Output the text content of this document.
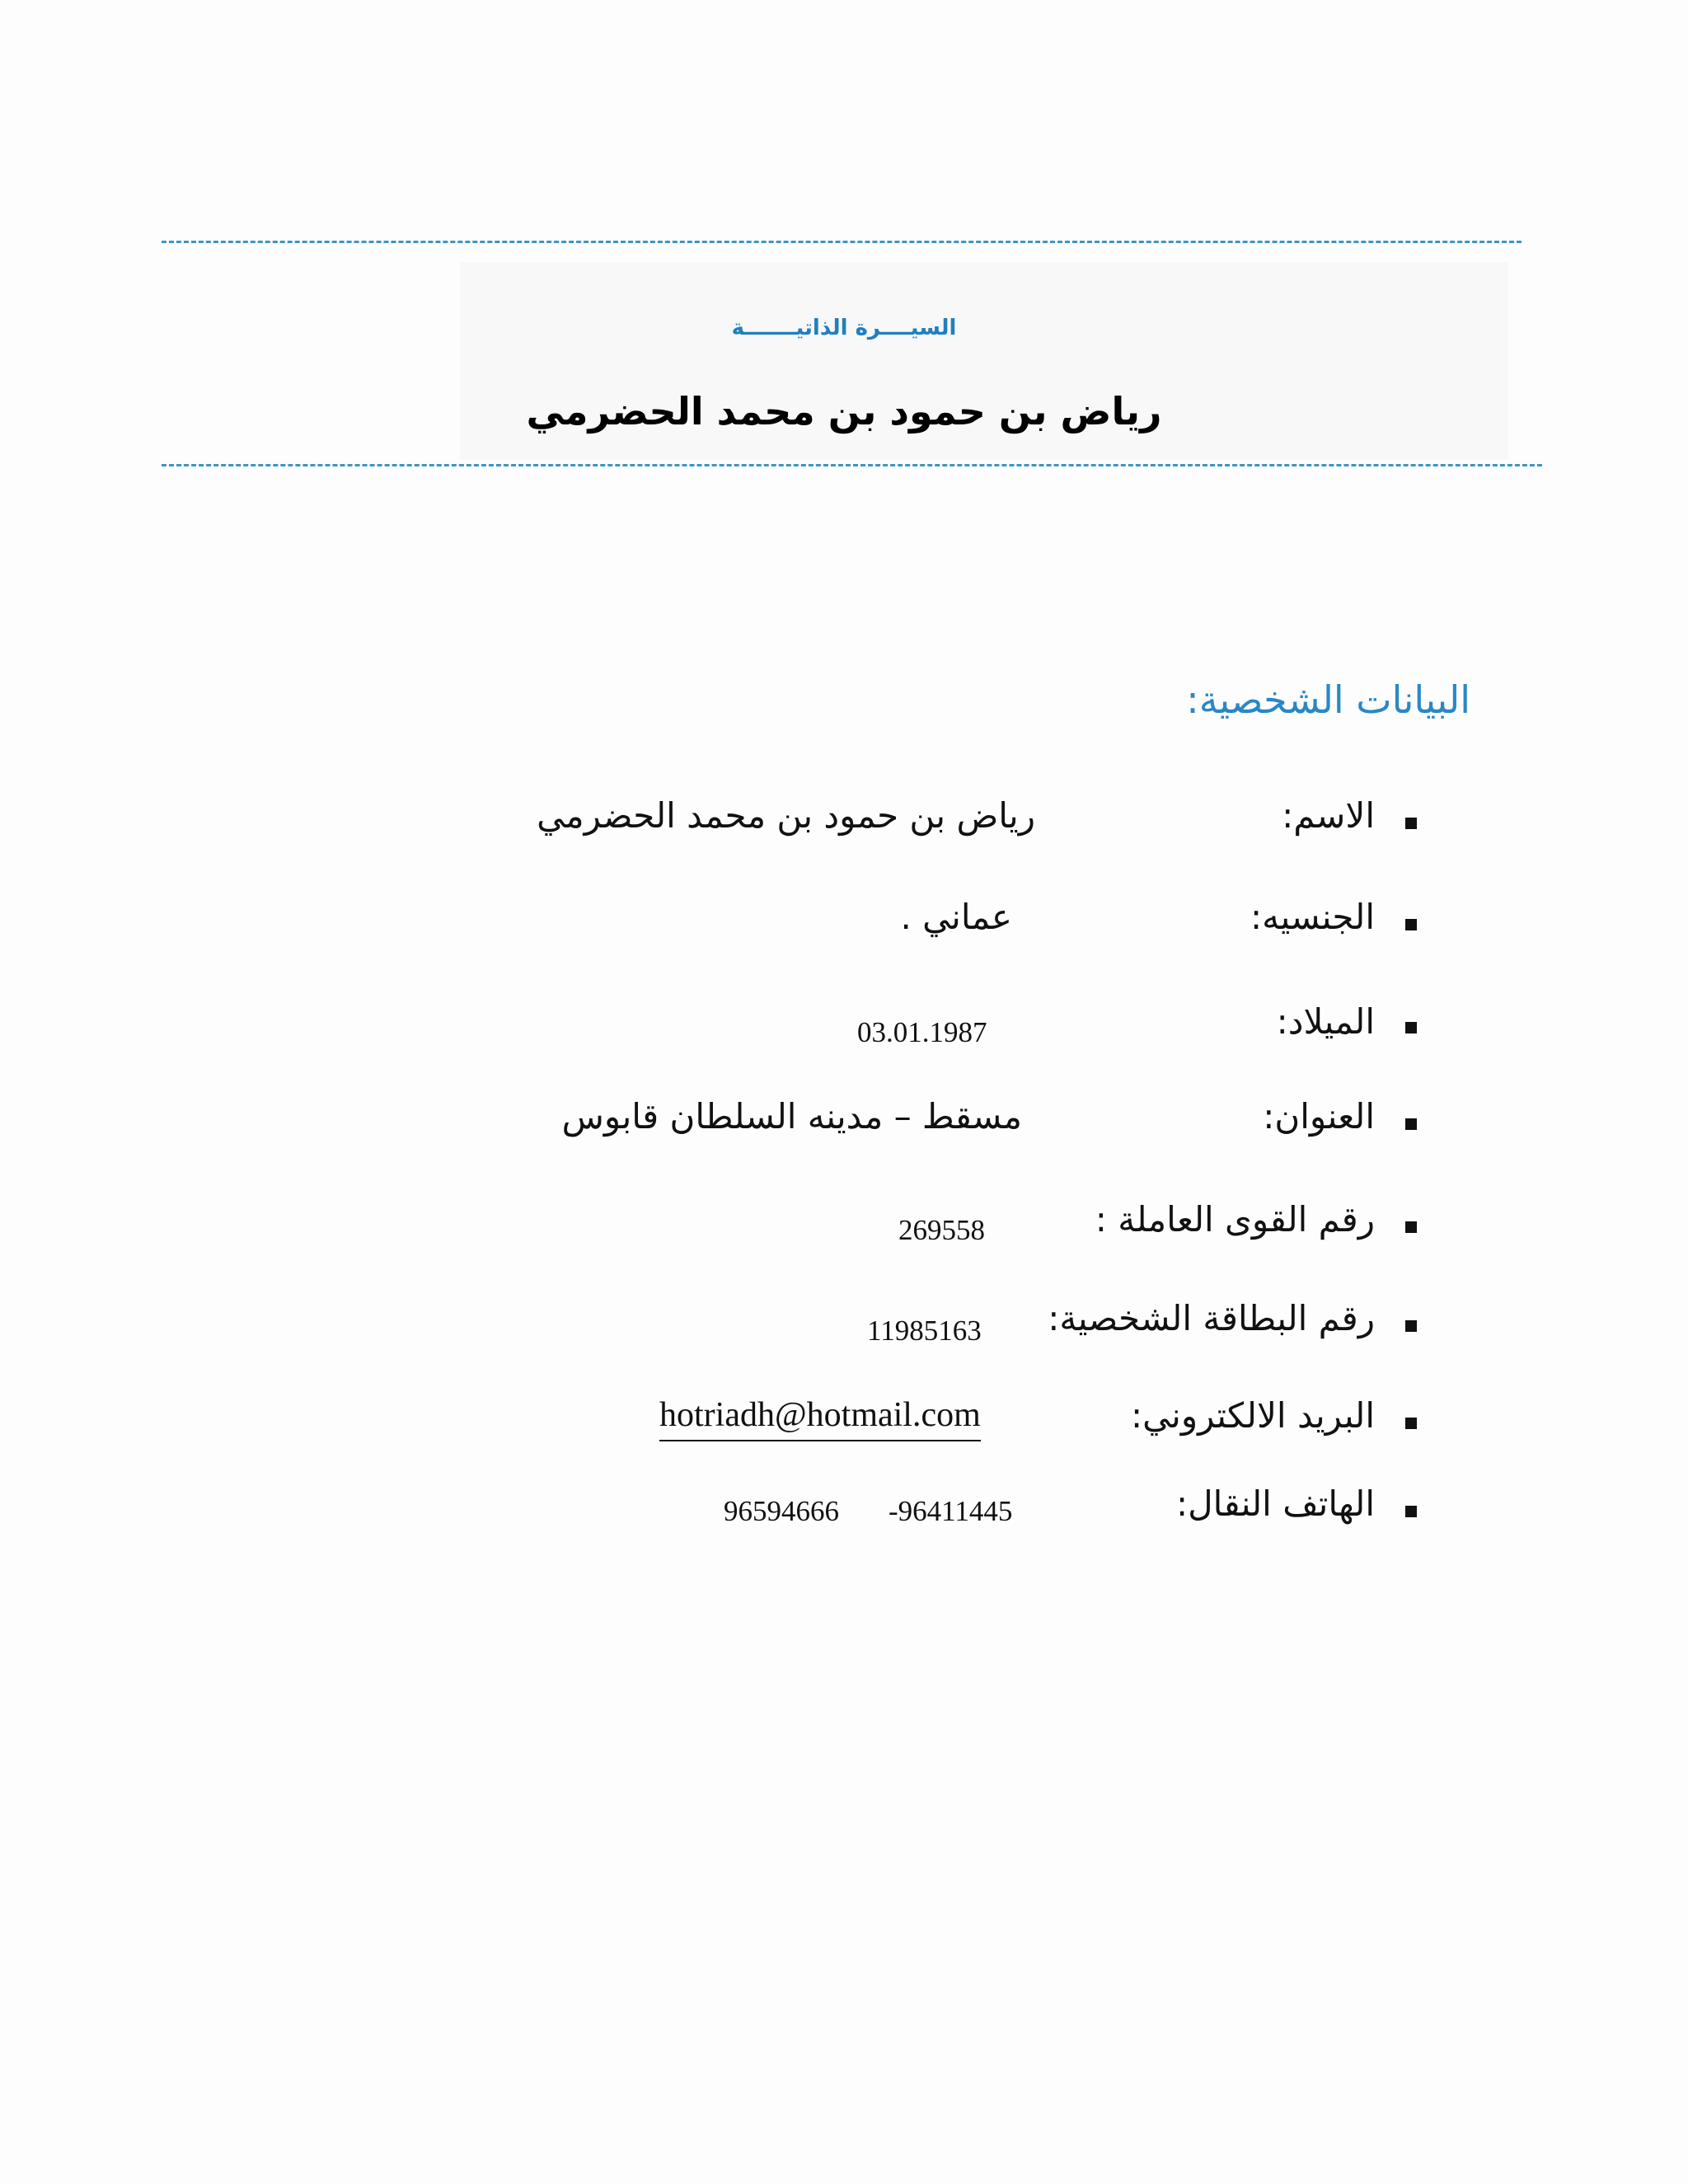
السيــــرة الذاتيـــــــة
رياض بن حمود بن محمد الحضرمي
البيانات الشخصية:
الاسم:
رياض بن حمود بن محمد الحضرمي
الجنسيه:
عماني .
الميلاد:
03.01.1987
العنوان:
مسقط – مدينه السلطان قابوس
رقم القوى العاملة :
269558
رقم البطاقة الشخصية:
11985163
البريد الالكتروني:
hotriadh@hotmail.com
الهاتف النقال:
96594666 -96411445
